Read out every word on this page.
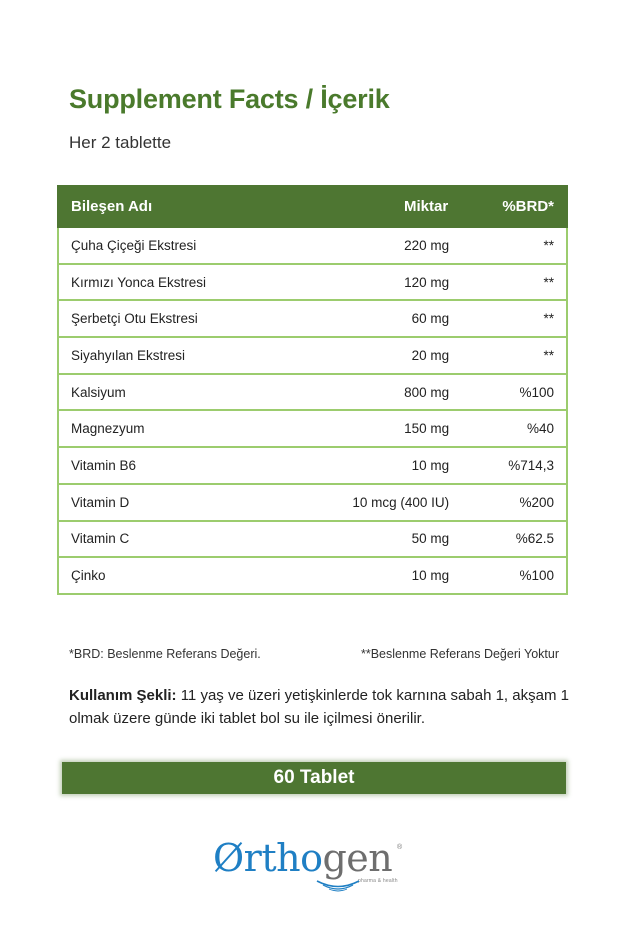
Supplement Facts / İçerik
Her 2 tablette
Bileşen Adı	Miktar	%BRD*
Çuha Çiçeği Ekstresi	220 mg	**
Kırmızı Yonca Ekstresi	120 mg	**
Şerbetçi Otu Ekstresi	60 mg	**
Siyahyılan Ekstresi	20 mg	**
Kalsiyum	800 mg	%100
Magnezyum	150 mg	%40
Vitamin B6	10 mg	%714,3
Vitamin D	10 mcg (400 IU)	%200
Vitamin C	50 mg	%62.5
Çinko	10 mg	%100
*BRD: Beslenme Referans Değeri.	**Beslenme Referans Değeri Yoktur

Kullanım Şekli: 11 yaş ve üzeri yetişkinlerde tok karnına sabah 1, akşam 1 olmak üzere günde iki tablet bol su ile içilmesi önerilir.

60 Tablet
Ørthogen ®
pharma & health
